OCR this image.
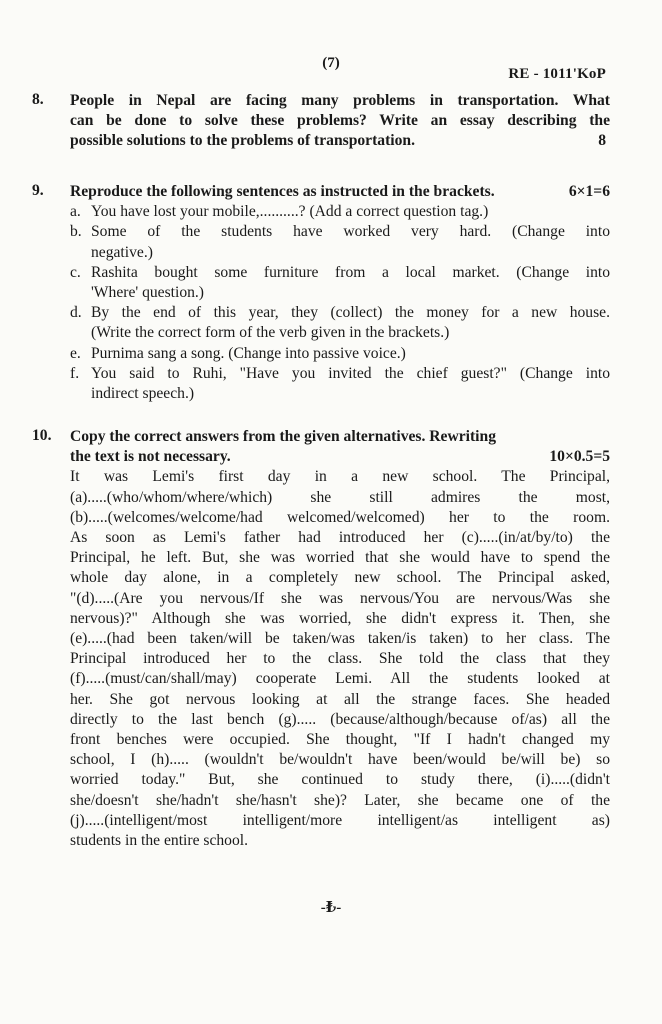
(7)
RE - 1011'KoP
8. People in Nepal are facing many problems in transportation. What
can be done to solve these problems? Write an essay describing the
possible solutions to the problems of transportation.	8
9. Reproduce the following sentences as instructed in the brackets.	6×1=6
a. You have lost your mobile,..........? (Add a correct question tag.)
b. Some of the students have worked very hard. (Change into
negative.)
c. Rashita bought some furniture from a local market. (Change into
'Where' question.)
d. By the end of this year, they (collect) the money for a new house.
(Write the correct form of the verb given in the brackets.)
e. Purnima sang a song. (Change into passive voice.)
f. You said to Ruhi, "Have you invited the chief guest?" (Change into
indirect speech.)
10. Copy the correct answers from the given alternatives. Rewriting
the text is not necessary.	10×0.5=5
It was Lemi's first day in a new school. The Principal,
(a).....(who/whom/where/which) she still admires the most,
(b).....(welcomes/welcome/had welcomed/welcomed) her to the room.
As soon as Lemi's father had introduced her (c).....(in/at/by/to) the
Principal, he left. But, she was worried that she would have to spend the
whole day alone, in a completely new school. The Principal asked,
"(d).....(Are you nervous/If she was nervous/You are nervous/Was she
nervous)?" Although she was worried, she didn't express it. Then, she
(e).....(had been taken/will be taken/was taken/is taken) to her class. The
Principal introduced her to the class. She told the class that they
(f).....(must/can/shall/may) cooperate Lemi. All the students looked at
her. She got nervous looking at all the strange faces. She headed
directly to the last bench (g)..... (because/although/because of/as) all the
front benches were occupied. She thought, "If I hadn't changed my
school, I (h)..... (wouldn't be/wouldn't have been/would be/will be) so
worried today." But, she continued to study there, (i).....(didn't
she/doesn't she/hadn't she/hasn't she)? Later, she became one of the
(j).....(intelligent/most intelligent/more intelligent/as intelligent as)
students in the entire school.
-₺-
